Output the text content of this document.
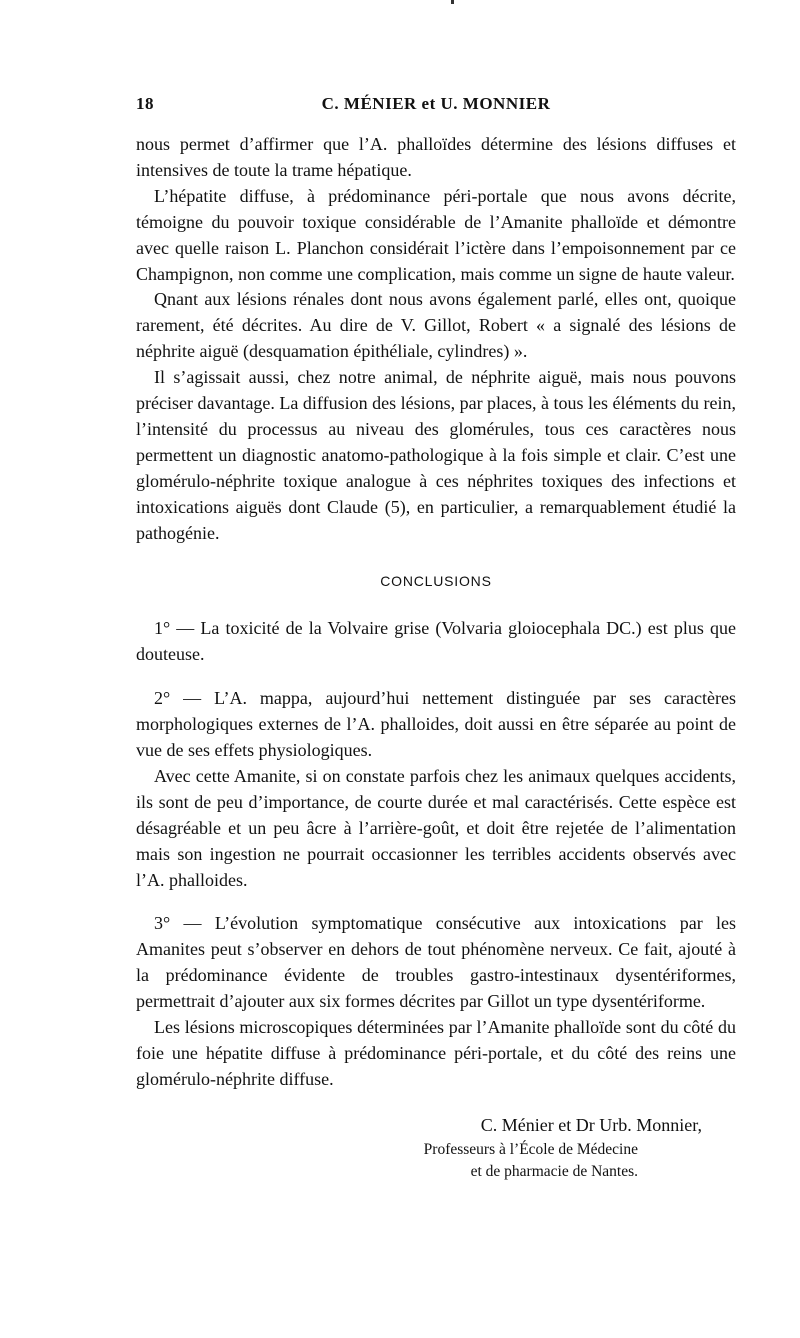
18	C. MÉNIER et U. MONNIER

nous permet d’affirmer que l’A. phalloïdes détermine des lésions diffuses et intensives de toute la trame hépatique.

L’hépatite diffuse, à prédominance péri-portale que nous avons décrite, témoigne du pouvoir toxique considérable de l’Amanite phalloïde et démontre avec quelle raison L. Planchon considérait l’ictère dans l’empoisonnement par ce Champignon, non comme une complication, mais comme un signe de haute valeur.

Qnant aux lésions rénales dont nous avons également parlé, elles ont, quoique rarement, été décrites. Au dire de V. Gillot, Robert « a signalé des lésions de néphrite aiguë (desquamation épithéliale, cylindres) ».

Il s’agissait aussi, chez notre animal, de néphrite aiguë, mais nous pouvons préciser davantage. La diffusion des lésions, par places, à tous les éléments du rein, l’intensité du processus au niveau des glomérules, tous ces caractères nous permettent un diagnostic anatomo-pathologique à la fois simple et clair. C’est une glomérulo-néphrite toxique analogue à ces néphrites toxiques des infections et intoxications aiguës dont Claude (5), en particulier, a remarquablement étudié la pathogénie.

CONCLUSIONS

1° — La toxicité de la Volvaire grise (Volvaria gloiocephala DC.) est plus que douteuse.

2° — L’A. mappa, aujourd’hui nettement distinguée par ses caractères morphologiques externes de l’A. phalloides, doit aussi en être séparée au point de vue de ses effets physiologiques.

Avec cette Amanite, si on constate parfois chez les animaux quelques accidents, ils sont de peu d’importance, de courte durée et mal caractérisés. Cette espèce est désagréable et un peu âcre à l’arrière-goût, et doit être rejetée de l’alimentation mais son ingestion ne pourrait occasionner les terribles accidents observés avec l’A. phalloides.

3° — L’évolution symptomatique consécutive aux intoxications par les Amanites peut s’observer en dehors de tout phénomène nerveux. Ce fait, ajouté à la prédominance évidente de troubles gastro-intestinaux dysentériformes, permettrait d’ajouter aux six formes décrites par Gillot un type dysentériforme.

Les lésions microscopiques déterminées par l’Amanite phalloïde sont du côté du foie une hépatite diffuse à prédominance péri-portale, et du côté des reins une glomérulo-néphrite diffuse.

C. Ménier et Dr Urb. Monnier,
Professeurs à l’École de Médecine
et de pharmacie de Nantes.
